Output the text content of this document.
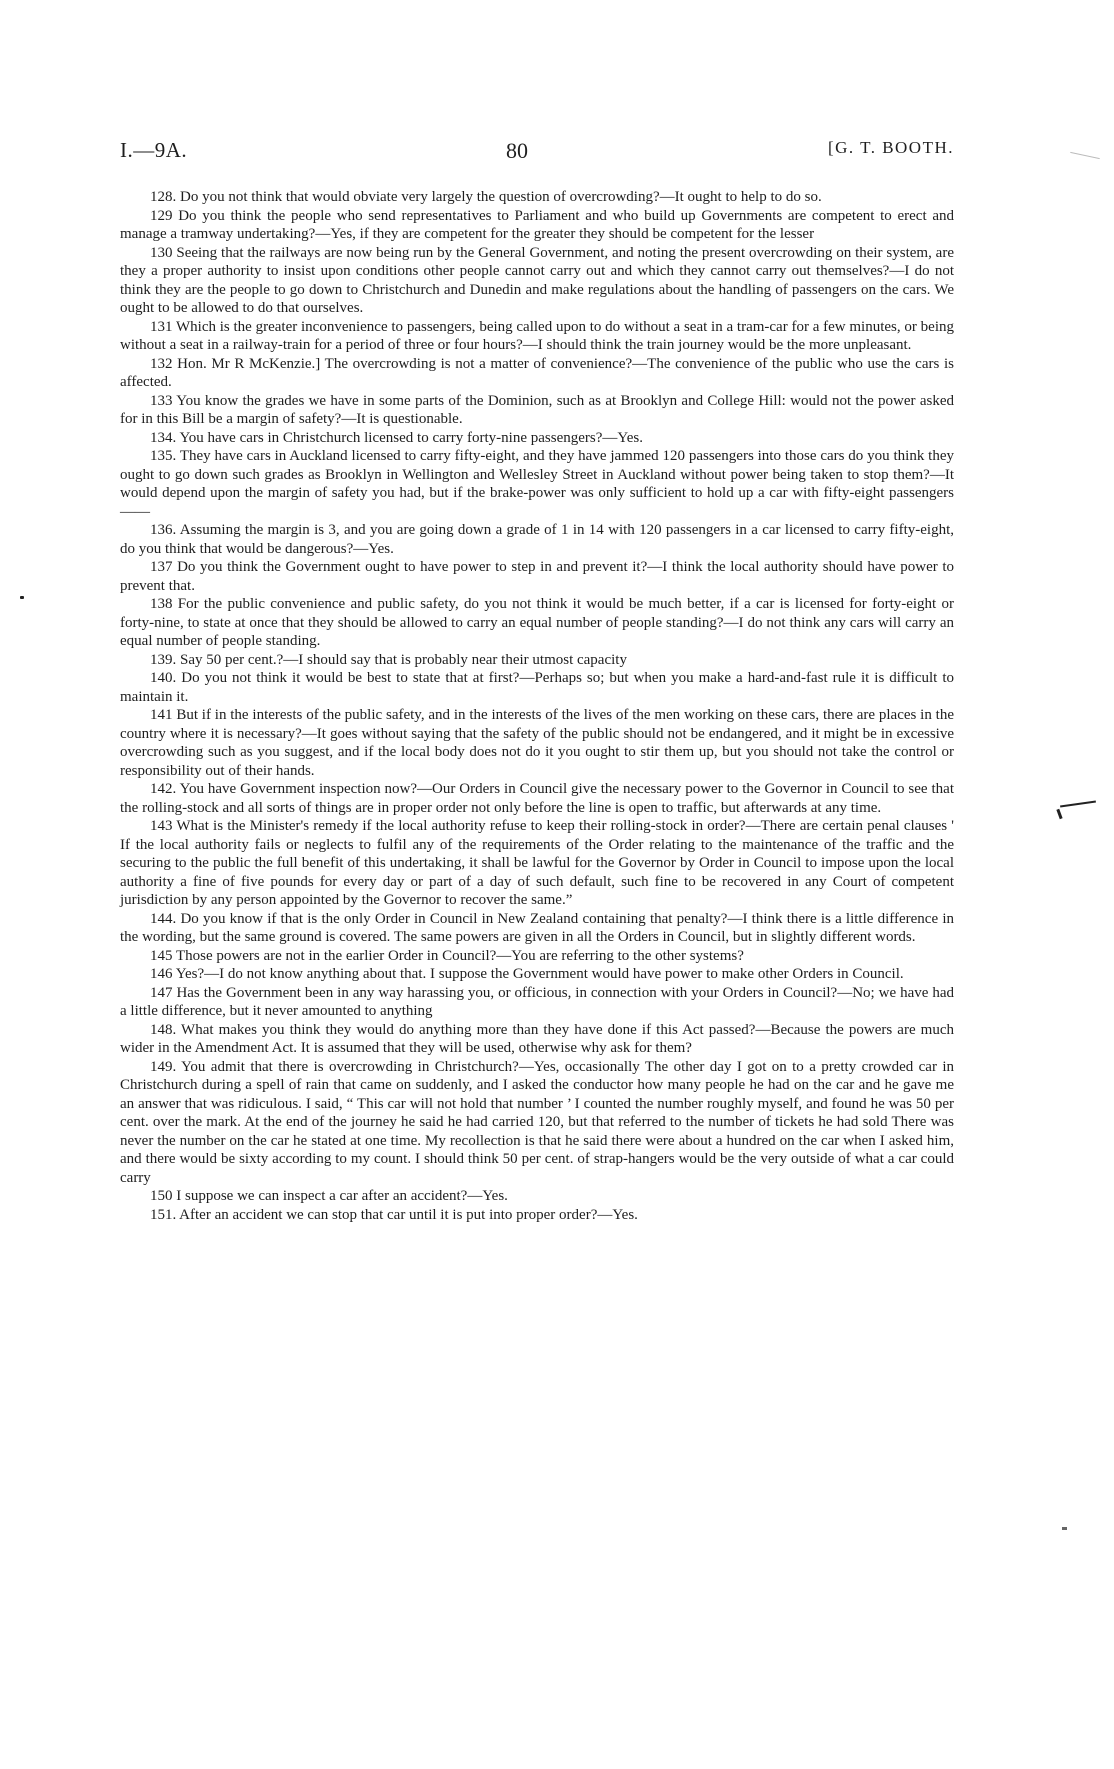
I.—9A.	80	[G. T. BOOTH.

128. Do you not think that would obviate very largely the question of overcrowding?—It ought to help to do so.

129 Do you think the people who send representatives to Parliament and who build up Governments are competent to erect and manage a tramway undertaking?—Yes, if they are competent for the greater they should be competent for the lesser

130 Seeing that the railways are now being run by the General Government, and noting the present overcrowding on their system, are they a proper authority to insist upon conditions other people cannot carry out and which they cannot carry out themselves?—I do not think they are the people to go down to Christchurch and Dunedin and make regulations about the handling of passengers on the cars. We ought to be allowed to do that ourselves.

131 Which is the greater inconvenience to passengers, being called upon to do without a seat in a tram-car for a few minutes, or being without a seat in a railway-train for a period of three or four hours?—I should think the train journey would be the more unpleasant.

132 Hon. Mr R McKenzie.] The overcrowding is not a matter of convenience?—The convenience of the public who use the cars is affected.

133 You know the grades we have in some parts of the Dominion, such as at Brooklyn and College Hill: would not the power asked for in this Bill be a margin of safety?—It is questionable.

134. You have cars in Christchurch licensed to carry forty-nine passengers?—Yes.

135. They have cars in Auckland licensed to carry fifty-eight, and they have jammed 120 passengers into those cars do you think they ought to go down such grades as Brooklyn in Wellington and Wellesley Street in Auckland without power being taken to stop them?—It would depend upon the margin of safety you had, but if the brake-power was only sufficient to hold up a car with fifty-eight passengers——

136. Assuming the margin is 3, and you are going down a grade of 1 in 14 with 120 passengers in a car licensed to carry fifty-eight, do you think that would be dangerous?—Yes.

137 Do you think the Government ought to have power to step in and prevent it?—I think the local authority should have power to prevent that.

138 For the public convenience and public safety, do you not think it would be much better, if a car is licensed for forty-eight or forty-nine, to state at once that they should be allowed to carry an equal number of people standing?—I do not think any cars will carry an equal number of people standing.

139. Say 50 per cent.?—I should say that is probably near their utmost capacity

140. Do you not think it would be best to state that at first?—Perhaps so; but when you make a hard-and-fast rule it is difficult to maintain it.

141 But if in the interests of the public safety, and in the interests of the lives of the men working on these cars, there are places in the country where it is necessary?—It goes without saying that the safety of the public should not be endangered, and it might be in excessive overcrowding such as you suggest, and if the local body does not do it you ought to stir them up, but you should not take the control or responsibility out of their hands.

142. You have Government inspection now?—Our Orders in Council give the necessary power to the Governor in Council to see that the rolling-stock and all sorts of things are in proper order not only before the line is open to traffic, but afterwards at any time.

143 What is the Minister's remedy if the local authority refuse to keep their rolling-stock in order?—There are certain penal clauses ' If the local authority fails or neglects to fulfil any of the requirements of the Order relating to the maintenance of the traffic and the securing to the public the full benefit of this undertaking, it shall be lawful for the Governor by Order in Council to impose upon the local authority a fine of five pounds for every day or part of a day of such default, such fine to be recovered in any Court of competent jurisdiction by any person appointed by the Governor to recover the same.”

144. Do you know if that is the only Order in Council in New Zealand containing that penalty?—I think there is a little difference in the wording, but the same ground is covered. The same powers are given in all the Orders in Council, but in slightly different words.

145 Those powers are not in the earlier Order in Council?—You are referring to the other systems?

146 Yes?—I do not know anything about that. I suppose the Government would have power to make other Orders in Council.

147 Has the Government been in any way harassing you, or officious, in connection with your Orders in Council?—No; we have had a little difference, but it never amounted to anything

148. What makes you think they would do anything more than they have done if this Act passed?—Because the powers are much wider in the Amendment Act. It is assumed that they will be used, otherwise why ask for them?

149. You admit that there is overcrowding in Christchurch?—Yes, occasionally The other day I got on to a pretty crowded car in Christchurch during a spell of rain that came on suddenly, and I asked the conductor how many people he had on the car and he gave me an answer that was ridiculous. I said, “ This car will not hold that number ’ I counted the number roughly myself, and found he was 50 per cent. over the mark. At the end of the journey he said he had carried 120, but that referred to the number of tickets he had sold There was never the number on the car he stated at one time. My recollection is that he said there were about a hundred on the car when I asked him, and there would be sixty according to my count. I should think 50 per cent. of strap-hangers would be the very outside of what a car could carry

150 I suppose we can inspect a car after an accident?—Yes.

151. After an accident we can stop that car until it is put into proper order?—Yes.
